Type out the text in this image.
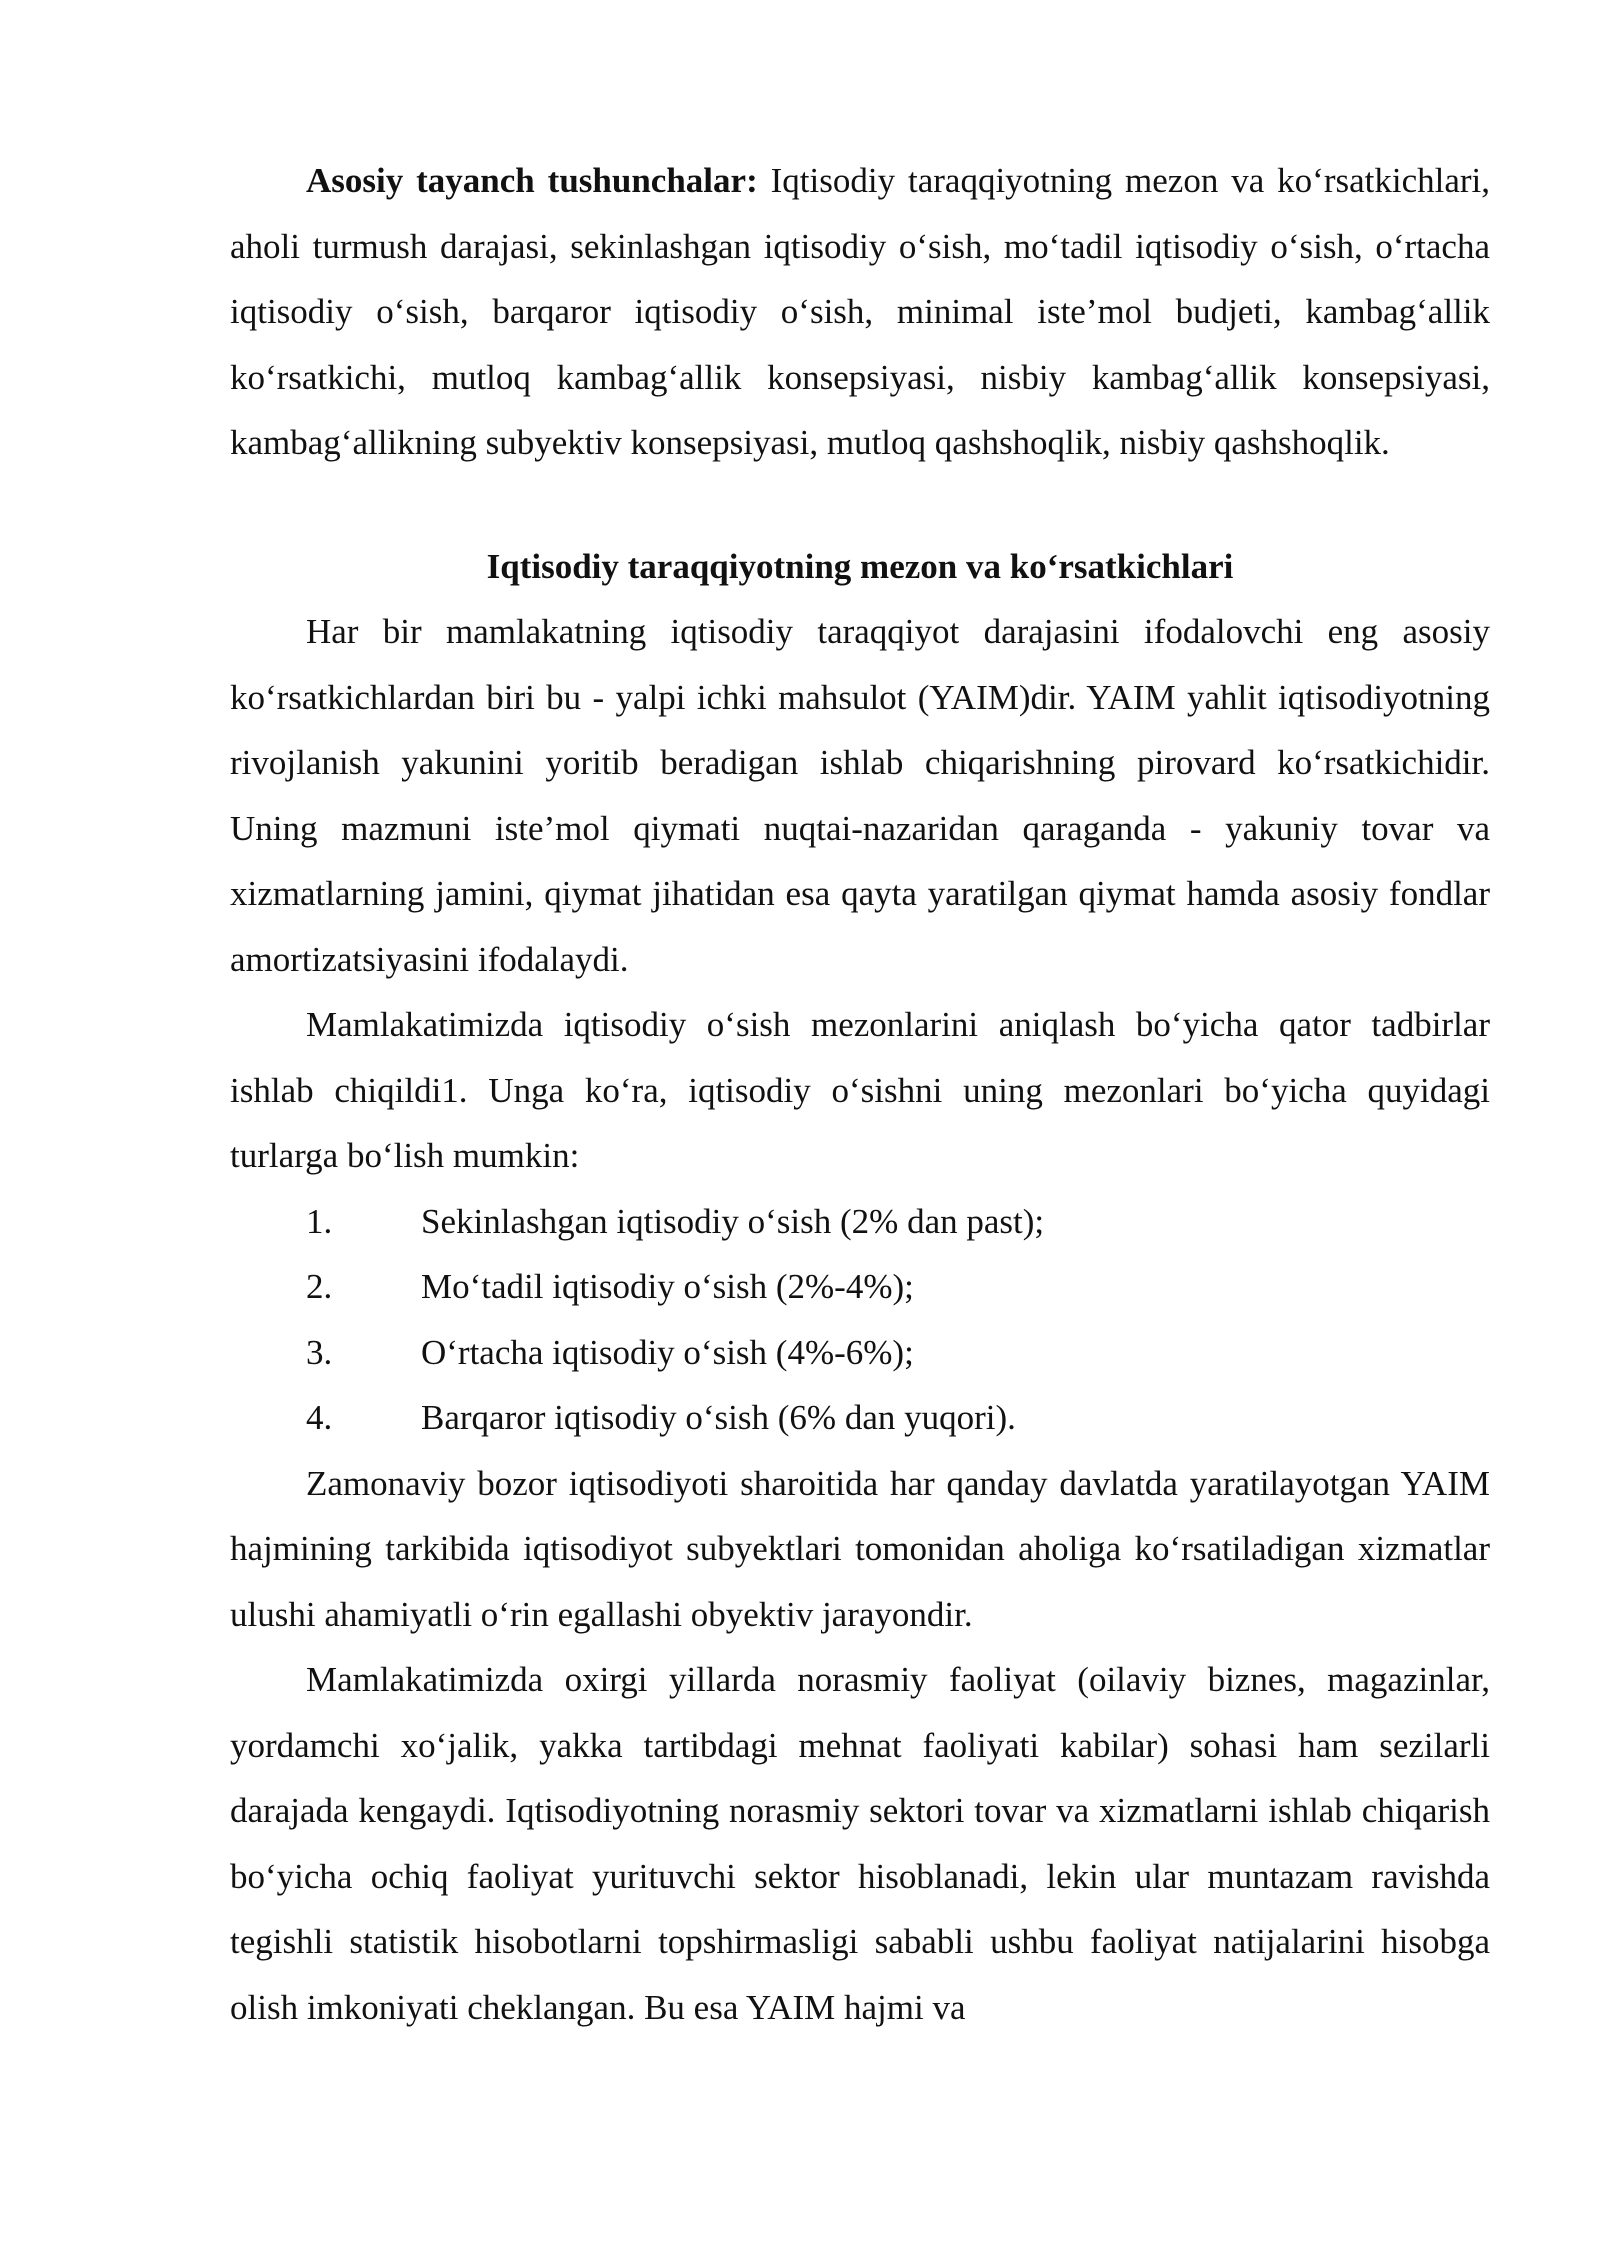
Asosiy tayanch tushunchalar: Iqtisodiy taraqqiyotning mezon va ko‘rsatkichlari, aholi turmush darajasi, sekinlashgan iqtisodiy o‘sish, mo‘tadil iqtisodiy o‘sish, o‘rtacha iqtisodiy o‘sish, barqaror iqtisodiy o‘sish, minimal iste’mol budjeti, kambag‘allik ko‘rsatkichi, mutloq kambag‘allik konsepsiyasi, nisbiy kambag‘allik konsepsiyasi, kambag‘allikning subyektiv konsepsiyasi, mutloq qashshoqlik, nisbiy qashshoqlik.

Iqtisodiy taraqqiyotning mezon va ko‘rsatkichlari

Har bir mamlakatning iqtisodiy taraqqiyot darajasini ifodalovchi eng asosiy ko‘rsatkichlardan biri bu - yalpi ichki mahsulot (YAIM)dir. YAIM yahlit iqtisodiyotning rivojlanish yakunini yoritib beradigan ishlab chiqarishning pirovard ko‘rsatkichidir. Uning mazmuni iste’mol qiymati nuqtai-nazaridan qaraganda - yakuniy tovar va xizmatlarning jamini, qiymat jihatidan esa qayta yaratilgan qiymat hamda asosiy fondlar amortizatsiyasini ifodalaydi.

Mamlakatimizda iqtisodiy o‘sish mezonlarini aniqlash bo‘yicha qator tadbirlar ishlab chiqildi1. Unga ko‘ra, iqtisodiy o‘sishni uning mezonlari bo‘yicha quyidagi turlarga bo‘lish mumkin:

1.	Sekinlashgan iqtisodiy o‘sish (2% dan past);
2.	Mo‘tadil iqtisodiy o‘sish (2%-4%);
3.	O‘rtacha iqtisodiy o‘sish (4%-6%);
4.	Barqaror iqtisodiy o‘sish (6% dan yuqori).

Zamonaviy bozor iqtisodiyoti sharoitida har qanday davlatda yaratilayotgan YAIM hajmining tarkibida iqtisodiyot subyektlari tomonidan aholiga ko‘rsatiladigan xizmatlar ulushi ahamiyatli o‘rin egallashi obyektiv jarayondir.

Mamlakatimizda oxirgi yillarda norasmiy faoliyat (oilaviy biznes, magazinlar, yordamchi xo‘jalik, yakka tartibdagi mehnat faoliyati kabilar) sohasi ham sezilarli darajada kengaydi. Iqtisodiyotning norasmiy sektori tovar va xizmatlarni ishlab chiqarish bo‘yicha ochiq faoliyat yurituvchi sektor hisoblanadi, lekin ular muntazam ravishda tegishli statistik hisobotlarni topshirmasligi sababli ushbu faoliyat natijalarini hisobga olish imkoniyati cheklangan. Bu esa YAIM hajmi va
